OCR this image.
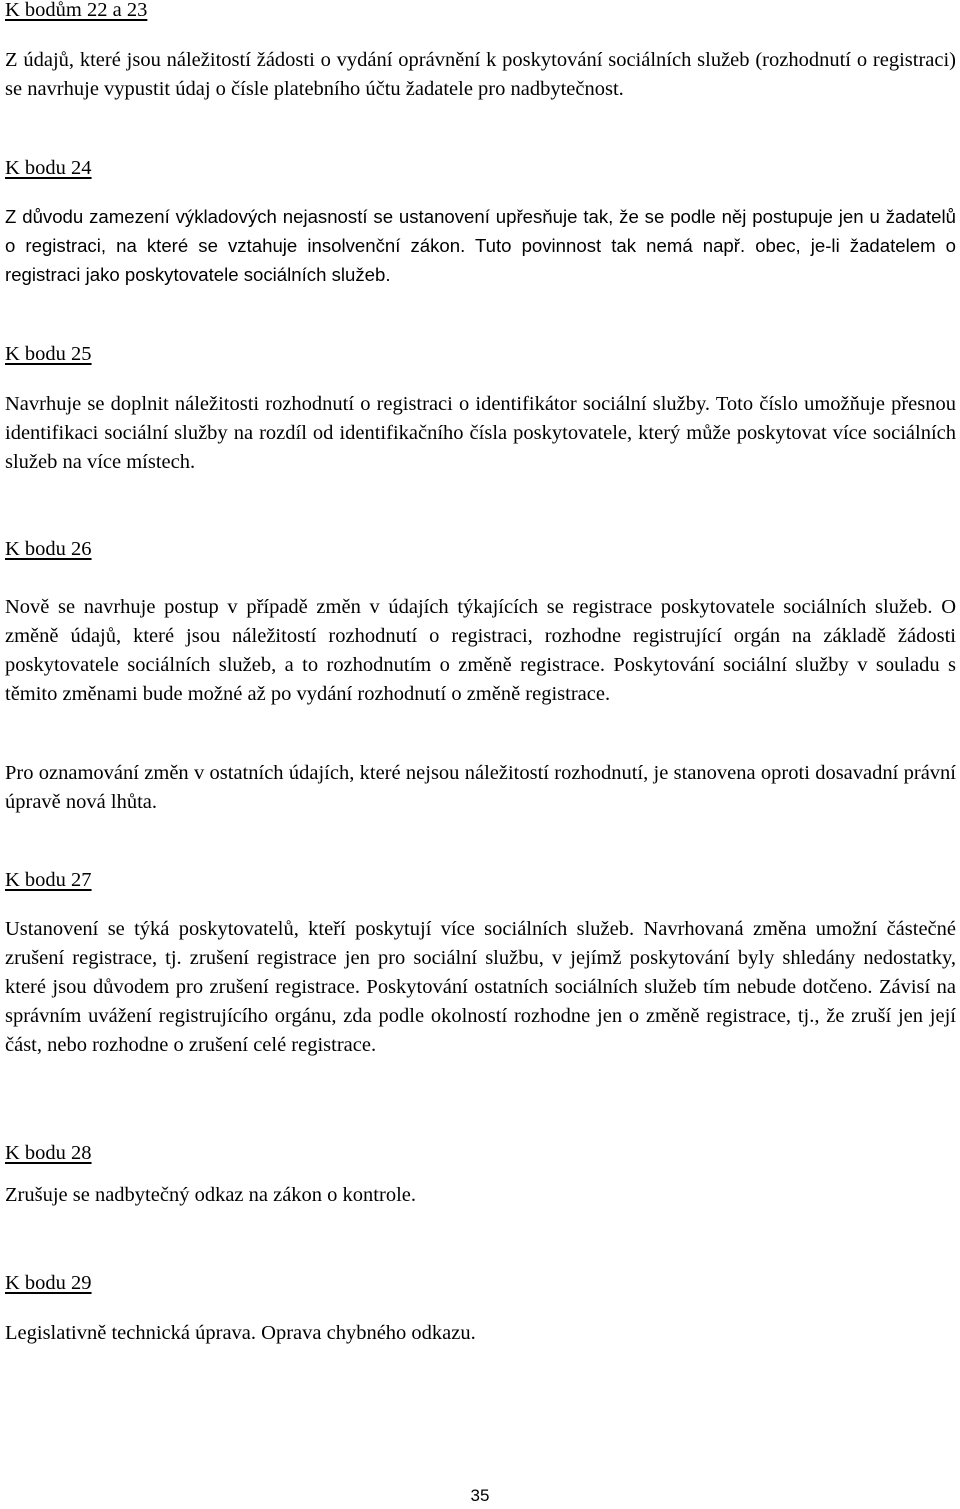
K bodům 22 a 23
Z údajů, které jsou náležitostí žádosti o vydání oprávnění k poskytování sociálních služeb (rozhodnutí o registraci) se navrhuje vypustit údaj o čísle platebního účtu žadatele pro nadbytečnost.
K bodu 24
Z důvodu zamezení výkladových nejasností se ustanovení upřesňuje tak, že se podle něj postupuje jen u žadatelů o registraci, na které se vztahuje insolvenční zákon. Tuto povinnost tak nemá např. obec, je-li žadatelem o registraci jako poskytovatele sociálních služeb.
K bodu 25
Navrhuje se doplnit náležitosti rozhodnutí o registraci o identifikátor sociální služby. Toto číslo umožňuje přesnou identifikaci sociální služby na rozdíl od identifikačního čísla poskytovatele, který může poskytovat více sociálních služeb na více místech.
K bodu 26
Nově se navrhuje postup v případě změn v údajích týkajících se registrace poskytovatele sociálních služeb. O změně údajů, které jsou náležitostí rozhodnutí o registraci, rozhodne registrující orgán na základě žádosti poskytovatele sociálních služeb, a to rozhodnutím o změně registrace. Poskytování sociální služby v souladu s těmito změnami bude možné až po vydání rozhodnutí o změně registrace.
Pro oznamování změn v ostatních údajích, které nejsou náležitostí rozhodnutí, je stanovena oproti dosavadní právní úpravě nová lhůta.
K bodu 27
Ustanovení se týká poskytovatelů, kteří poskytují více sociálních služeb. Navrhovaná změna umožní částečné zrušení registrace, tj. zrušení registrace jen pro sociální službu, v jejímž poskytování byly shledány nedostatky, které jsou důvodem pro zrušení registrace. Poskytování ostatních sociálních služeb tím nebude dotčeno. Závisí na správním uvážení registrujícího orgánu, zda podle okolností rozhodne jen o změně registrace, tj., že zruší jen její část, nebo rozhodne o zrušení celé registrace.
K bodu 28
Zrušuje se nadbytečný odkaz na zákon o kontrole.
K bodu 29
Legislativně technická úprava. Oprava chybného odkazu.
35
